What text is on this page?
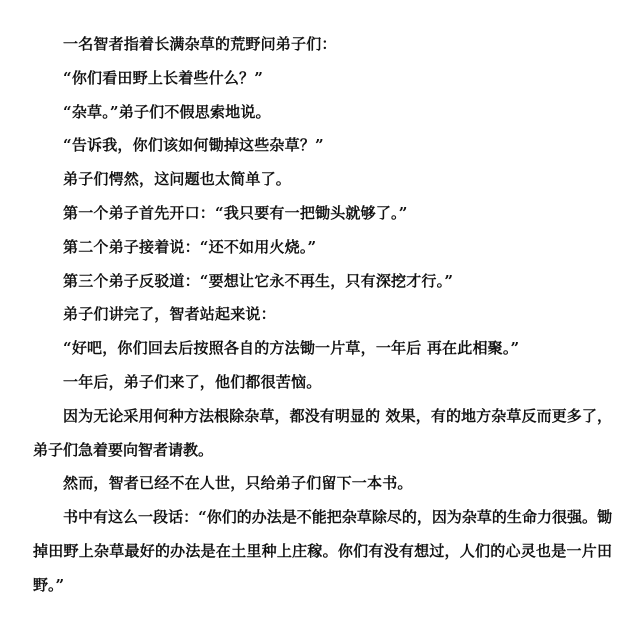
一名智者指着长满杂草的荒野问弟子们：

“你们看田野上长着些什么？”

“杂草。”弟子们不假思索地说。

“告诉我，你们该如何锄掉这些杂草？”

弟子们愕然，这问题也太简单了。

第一个弟子首先开口：“我只要有一把锄头就够了。”

第二个弟子接着说：“还不如用火烧。”

第三个弟子反驳道：“要想让它永不再生，只有深挖才行。”

弟子们讲完了，智者站起来说：

“好吧，你们回去后按照各自的方法锄一片草，一年后 再在此相聚。”

一年后，弟子们来了，他们都很苦恼。

因为无论采用何种方法根除杂草，都没有明显的 效果，有的地方杂草反而更多了，弟子们急着要向智者请教。

然而，智者已经不在人世，只给弟子们留下一本书。

书中有这么一段话：“你们的办法是不能把杂草除尽的，因为杂草的生命力很强。锄掉田野上杂草最好的办法是在土里种上庄稼。你们有没有想过，人们的心灵也是一片田野。”
